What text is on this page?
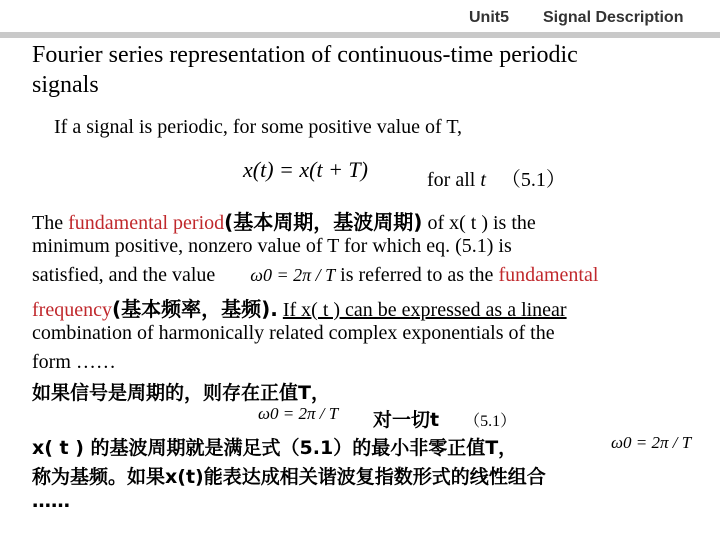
Unit5 Signal Description
Fourier series representation of continuous-time periodic
signals
If a signal is periodic, for some positive value of T,
x(t) = x(t + T)	for all t （5.1）
The fundamental period(基本周期，基波周期) of x( t ) is the
minimum positive, nonzero value of T for which eq. (5.1) is
satisfied, and the value ω0 = 2π / T is referred to as the fundamental
frequency(基本频率，基频). If x( t ) can be expressed as a linear
combination of harmonically related complex exponentials of the
form ……
如果信号是周期的，则存在正值T，
ω0 = 2π / T 对一切t （5.1）
x( t ) 的基波周期就是满足式（5.1）的最小非零正值T，	ω0 = 2π / T
称为基频。如果x(t)能表达成相关谐波复指数形式的线性组合
……
